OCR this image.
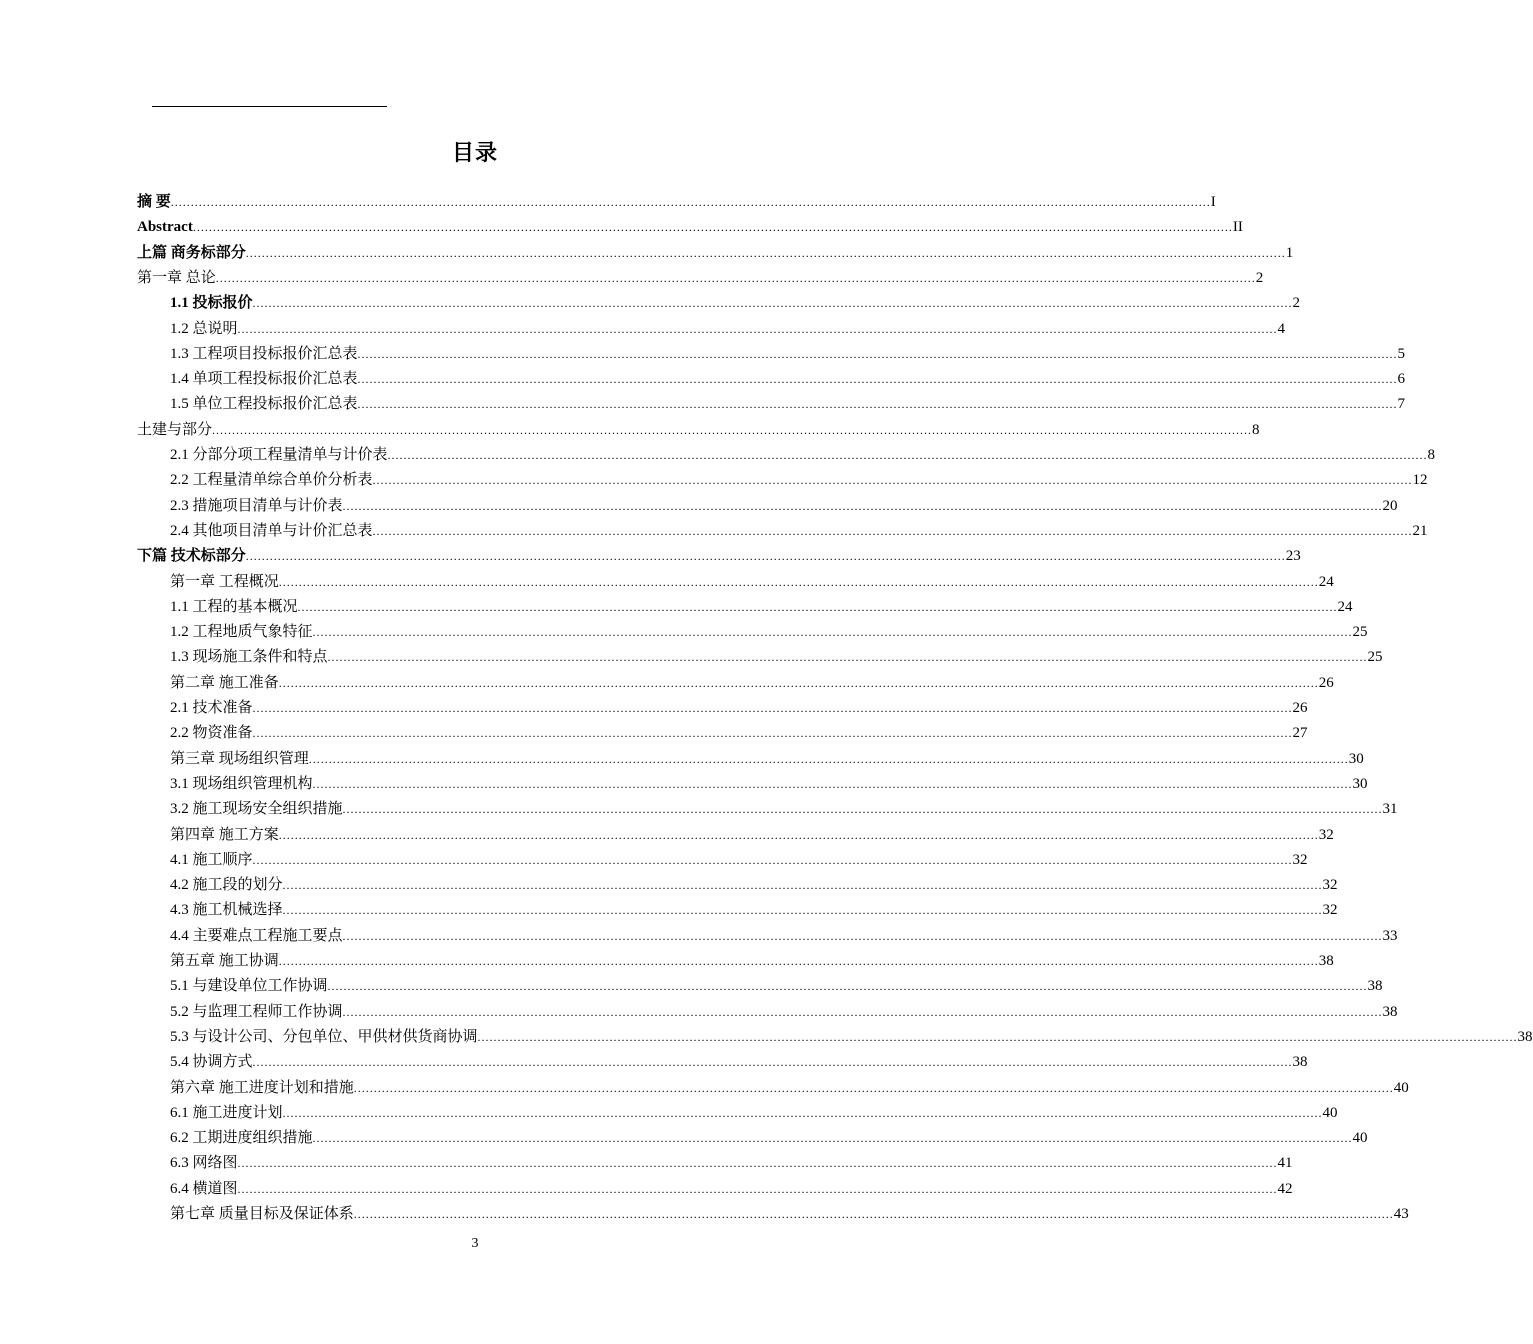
目录
摘 要 .................................................................................................................................................................................................................................................................... I
Abstract .................................................................................................................................................................................................................................................................... II
上篇 商务标部分 .................................................................................................................................................................................................................................................................... 1
第一章 总论 .................................................................................................................................................................................................................................................................... 2
1.1 投标报价 .................................................................................................................................................................................................................................................................... 2
1.2 总说明 .................................................................................................................................................................................................................................................................... 4
1.3 工程项目投标报价汇总表 .................................................................................................................................................................................................................................................................... 5
1.4 单项工程投标报价汇总表 .................................................................................................................................................................................................................................................................... 6
1.5 单位工程投标报价汇总表 .................................................................................................................................................................................................................................................................... 7
土建与部分 .................................................................................................................................................................................................................................................................... 8
2.1 分部分项工程量清单与计价表 .................................................................................................................................................................................................................................................................... 8
2.2 工程量清单综合单价分析表 .................................................................................................................................................................................................................................................................... 12
2.3 措施项目清单与计价表 .................................................................................................................................................................................................................................................................... 20
2.4 其他项目清单与计价汇总表 .................................................................................................................................................................................................................................................................... 21
下篇 技术标部分 .................................................................................................................................................................................................................................................................... 23
第一章 工程概况 .................................................................................................................................................................................................................................................................... 24
1.1 工程的基本概况 .................................................................................................................................................................................................................................................................... 24
1.2 工程地质气象特征 .................................................................................................................................................................................................................................................................... 25
1.3 现场施工条件和特点 .................................................................................................................................................................................................................................................................... 25
第二章 施工准备 .................................................................................................................................................................................................................................................................... 26
2.1 技术准备 .................................................................................................................................................................................................................................................................... 26
2.2 物资准备 .................................................................................................................................................................................................................................................................... 27
第三章 现场组织管理 .................................................................................................................................................................................................................................................................... 30
3.1 现场组织管理机构 .................................................................................................................................................................................................................................................................... 30
3.2 施工现场安全组织措施 .................................................................................................................................................................................................................................................................... 31
第四章 施工方案 .................................................................................................................................................................................................................................................................... 32
4.1 施工顺序 .................................................................................................................................................................................................................................................................... 32
4.2 施工段的划分 .................................................................................................................................................................................................................................................................... 32
4.3 施工机械选择 .................................................................................................................................................................................................................................................................... 32
4.4 主要难点工程施工要点 .................................................................................................................................................................................................................................................................... 33
第五章 施工协调 .................................................................................................................................................................................................................................................................... 38
5.1 与建设单位工作协调 .................................................................................................................................................................................................................................................................... 38
5.2 与监理工程师工作协调 .................................................................................................................................................................................................................................................................... 38
5.3 与设计公司、分包单位、甲供材供货商协调 .................................................................................................................................................................................................................................................................... 38
5.4 协调方式 .................................................................................................................................................................................................................................................................... 38
第六章 施工进度计划和措施 .................................................................................................................................................................................................................................................................... 40
6.1 施工进度计划 .................................................................................................................................................................................................................................................................... 40
6.2 工期进度组织措施 .................................................................................................................................................................................................................................................................... 40
6.3 网络图 .................................................................................................................................................................................................................................................................... 41
6.4 横道图 .................................................................................................................................................................................................................................................................... 42
第七章 质量目标及保证体系 .................................................................................................................................................................................................................................................................... 43
3
